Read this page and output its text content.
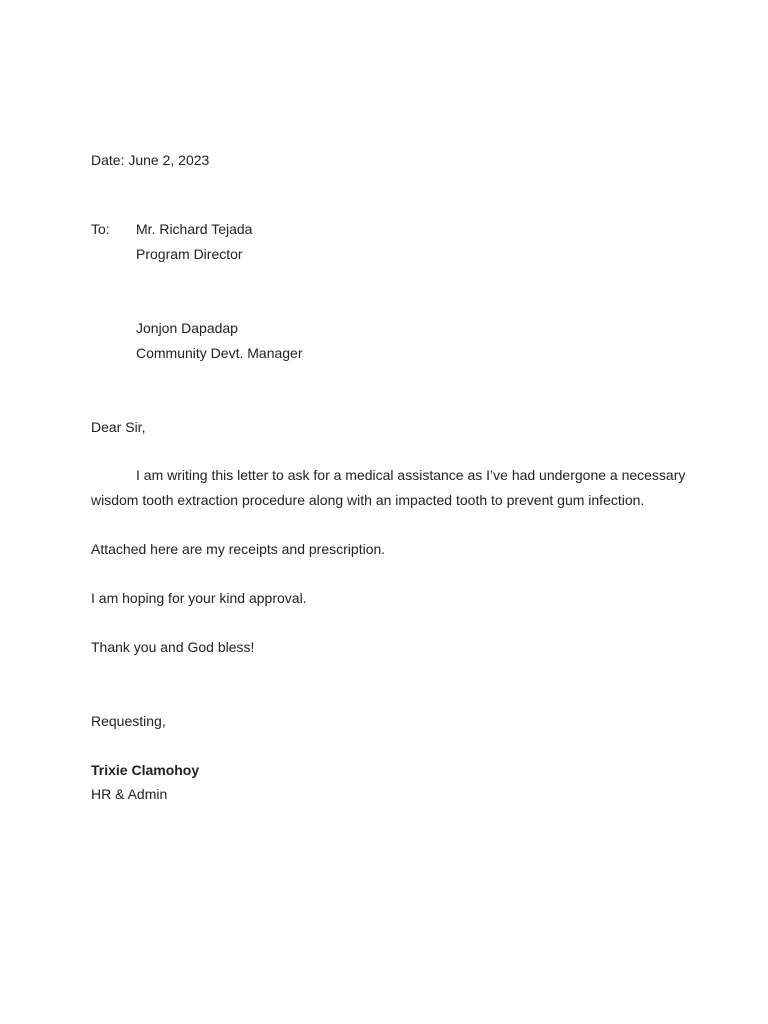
Date: June 2, 2023

To: Mr. Richard Tejada

Program Director

Jonjon Dapadap

Community Devt. Manager

Dear Sir,

I am writing this letter to ask for a medical assistance as I’ve had undergone a necessary

wisdom tooth extraction procedure along with an impacted tooth to prevent gum infection.

Attached here are my receipts and prescription.

I am hoping for your kind approval.

Thank you and God bless!

Requesting,

Trixie Clamohoy

HR & Admin
